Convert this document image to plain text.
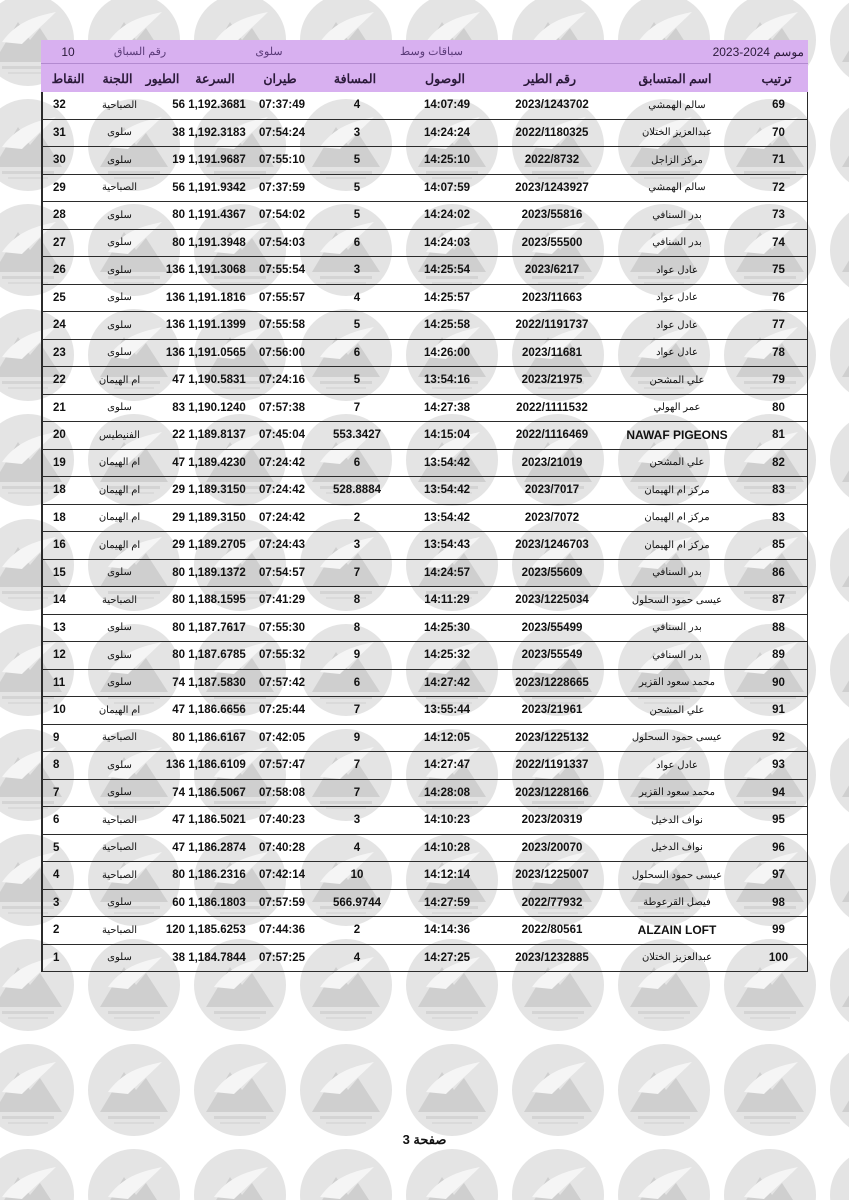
10	رقم السباق	سلوى	سباقات وسط	موسم 2024-2023
النقاط	اللجنة	الطيور	السرعة	طيران	المسافة	الوصول	رقم الطير	اسم المتسابق	ترتيب
32	الصباحية	56 1,192.3681	07:37:49	4	14:07:49	2023/1243702	سالم الهمشي	69
31	سلوى	38 1,192.3183	07:54:24	3	14:24:24	2022/1180325	عبدالعزيز الختلان	70
30	سلوى	19 1,191.9687	07:55:10	5	14:25:10	2022/8732	مركز الزاجل	71
29	الصباحية	56 1,191.9342	07:37:59	5	14:07:59	2023/1243927	سالم الهمشي	72
28	سلوى	80 1,191.4367	07:54:02	5	14:24:02	2023/55816	بدر السنافي	73
27	سلوى	80 1,191.3948	07:54:03	6	14:24:03	2023/55500	بدر السنافي	74
26	سلوى	136 1,191.3068	07:55:54	3	14:25:54	2023/6217	عادل عواد	75
25	سلوى	136 1,191.1816	07:55:57	4	14:25:57	2023/11663	عادل عواد	76
24	سلوى	136 1,191.1399	07:55:58	5	14:25:58	2022/1191737	عادل عواد	77
23	سلوى	136 1,191.0565	07:56:00	6	14:26:00	2023/11681	عادل عواد	78
22	أم الهيمان	47 1,190.5831	07:24:16	5	13:54:16	2023/21975	علي المشحن	79
21	سلوى	83 1,190.1240	07:57:38	7	14:27:38	2022/1111532	عمر الهولي	80
20	الفنيطيس	22 1,189.8137	07:45:04	553.3427	14:15:04	2022/1116469	NAWAF PIGEONS	81
19	أم الهيمان	47 1,189.4230	07:24:42	6	13:54:42	2023/21019	علي المشحن	82
18	أم الهيمان	29 1,189.3150	07:24:42	528.8884	13:54:42	2023/7017	مركز أم الهيمان	83
18	أم الهيمان	29 1,189.3150	07:24:42	2	13:54:42	2023/7072	مركز أم الهيمان	83
16	أم الهيمان	29 1,189.2705	07:24:43	3	13:54:43	2023/1246703	مركز أم الهيمان	85
15	سلوى	80 1,189.1372	07:54:57	7	14:24:57	2023/55609	بدر السنافي	86
14	الصباحية	80 1,188.1595	07:41:29	8	14:11:29	2023/1225034	عيسى حمود السحلول	87
13	سلوى	80 1,187.7617	07:55:30	8	14:25:30	2023/55499	بدر السنافي	88
12	سلوى	80 1,187.6785	07:55:32	9	14:25:32	2023/55549	بدر السنافي	89
11	سلوى	74 1,187.5830	07:57:42	6	14:27:42	2023/1228665	محمد سعود القزير	90
10	أم الهيمان	47 1,186.6656	07:25:44	7	13:55:44	2023/21961	علي المشحن	91
9	الصباحية	80 1,186.6167	07:42:05	9	14:12:05	2023/1225132	عيسى حمود السحلول	92
8	سلوى	136 1,186.6109	07:57:47	7	14:27:47	2022/1191337	عادل عواد	93
7	سلوى	74 1,186.5067	07:58:08	7	14:28:08	2023/1228166	محمد سعود القزير	94
6	الصباحية	47 1,186.5021	07:40:23	3	14:10:23	2023/20319	نواف الدخيل	95
5	الصباحية	47 1,186.2874	07:40:28	4	14:10:28	2023/20070	نواف الدخيل	96
4	الصباحية	80 1,186.2316	07:42:14	10	14:12:14	2023/1225007	عيسى حمود السحلول	97
3	سلوى	60 1,186.1803	07:57:59	566.9744	14:27:59	2022/77932	فيصل القرعوطة	98
2	الصباحية	120 1,185.6253	07:44:36	2	14:14:36	2022/80561	ALZAIN LOFT	99
1	سلوى	38 1,184.7844	07:57:25	4	14:27:25	2023/1232885	عبدالعزيز الختلان	100
صفحة 3
